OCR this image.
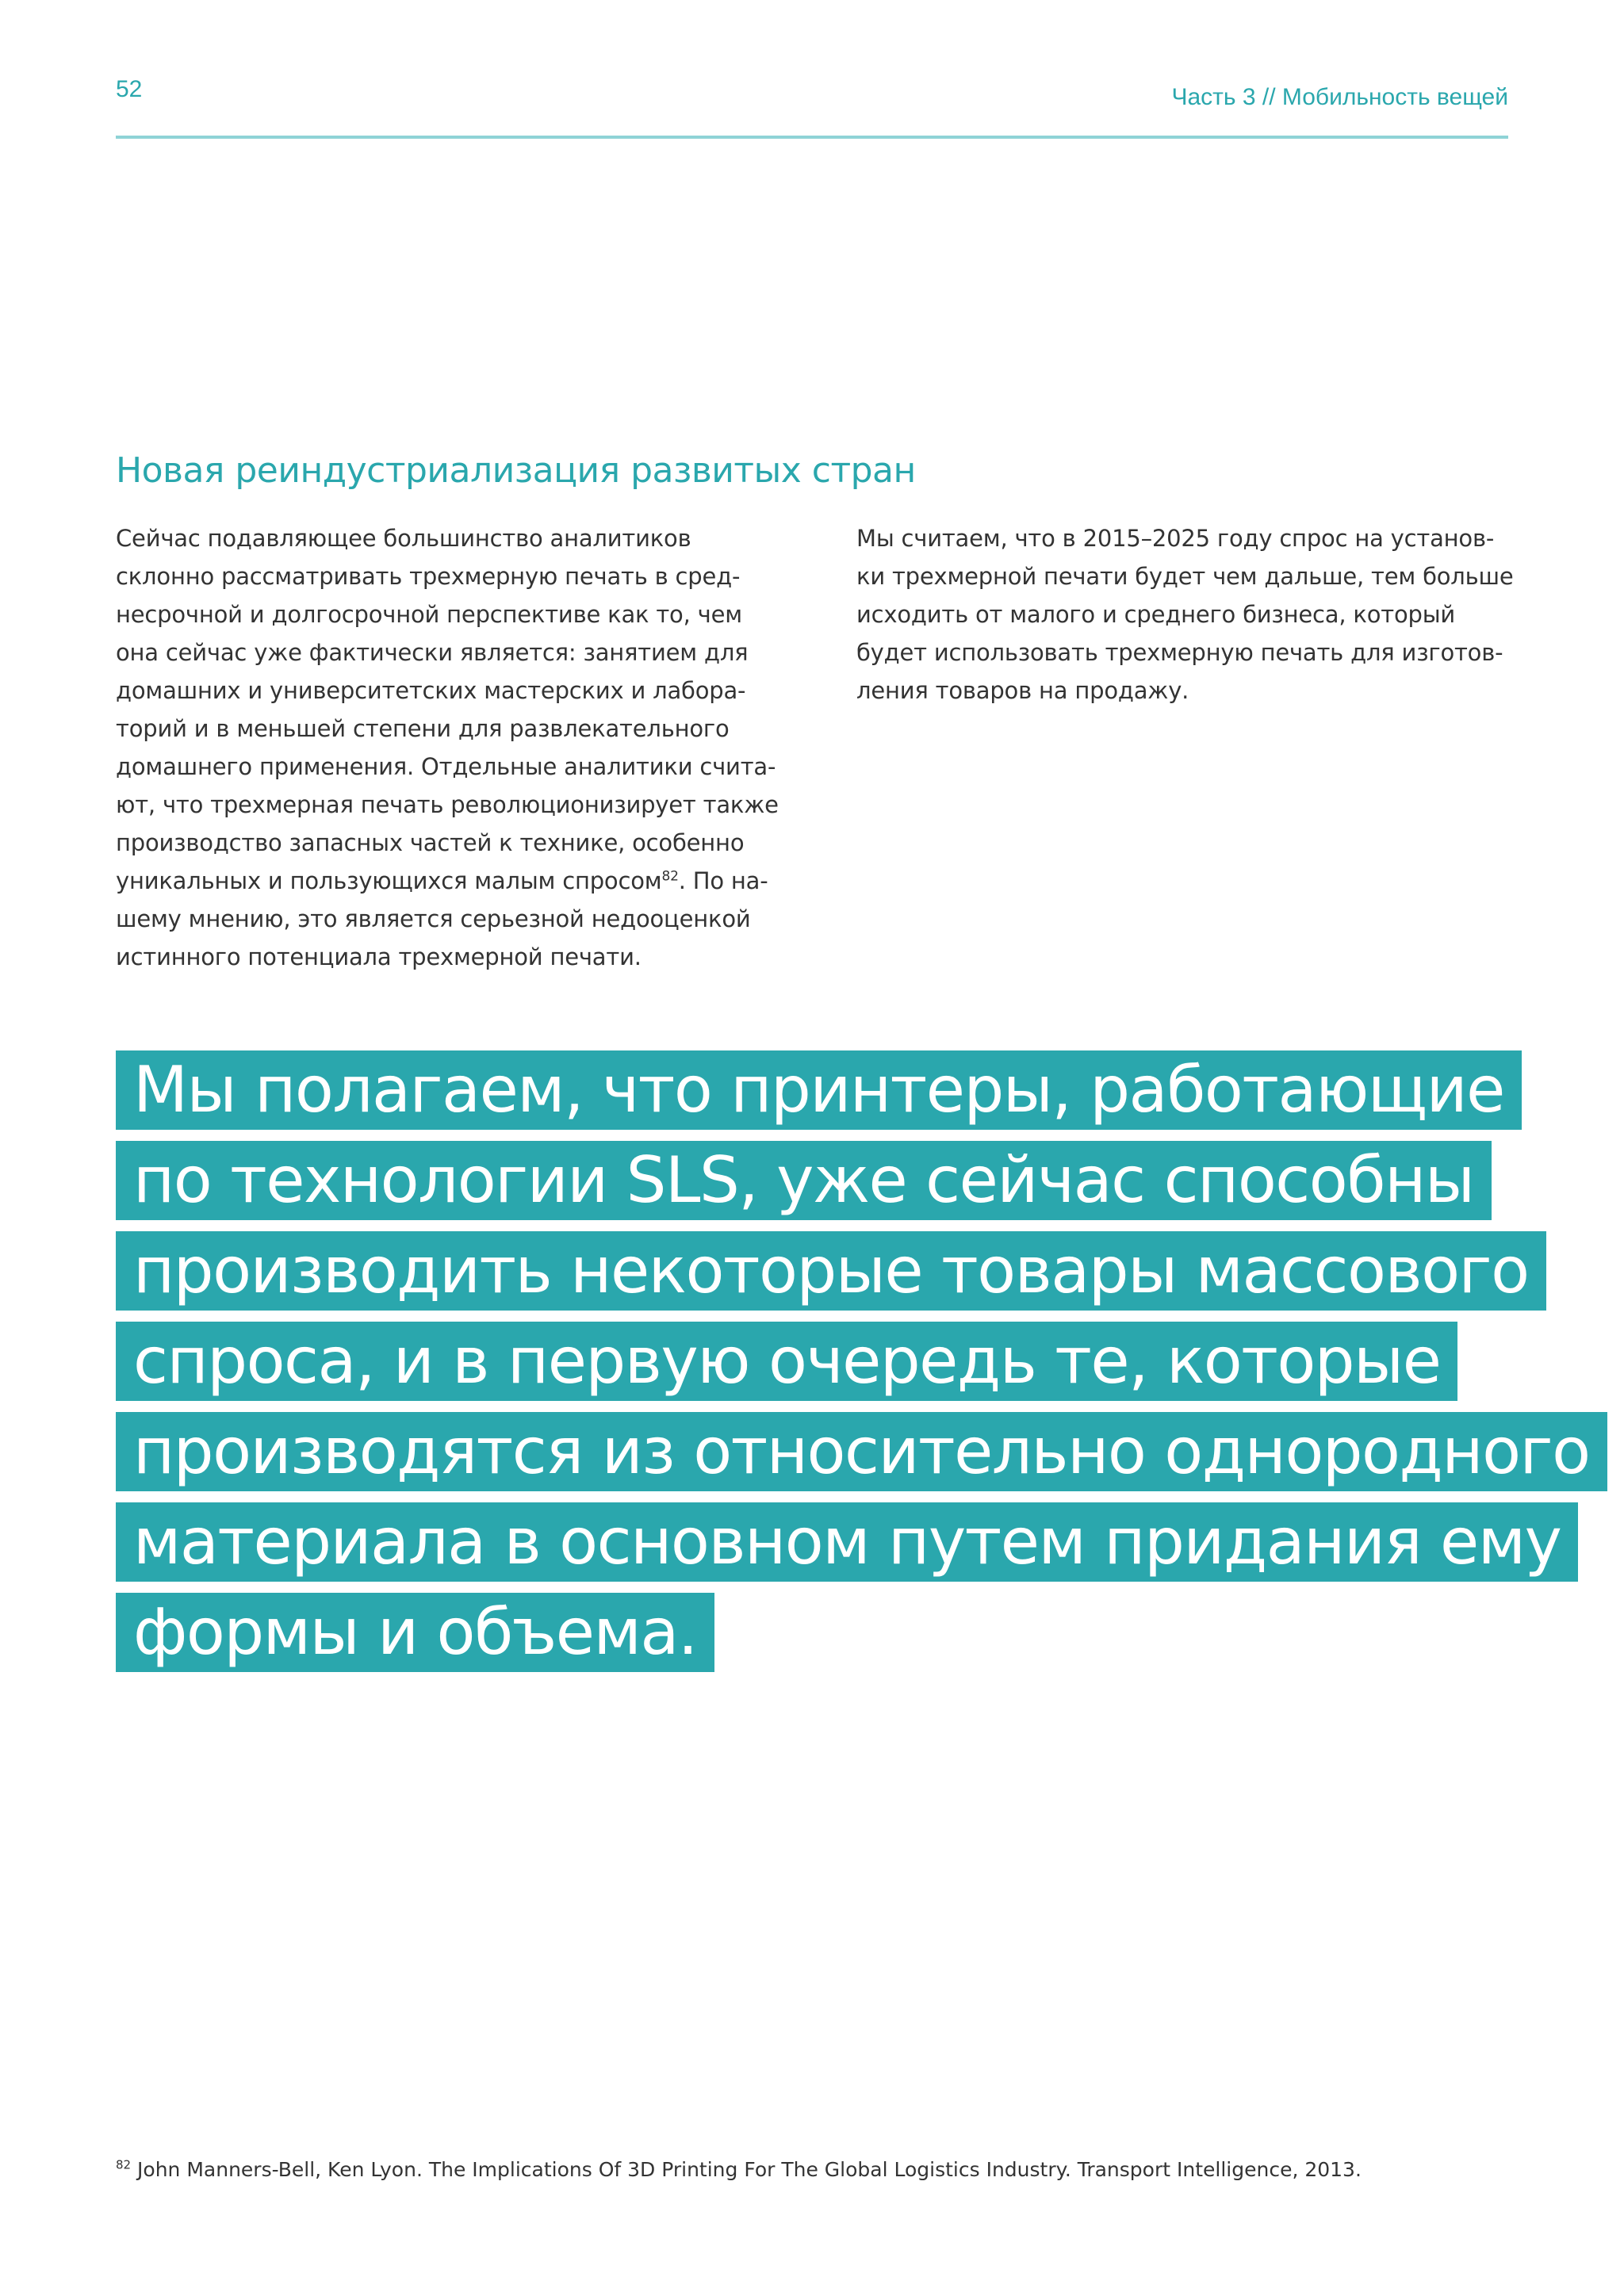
52	Часть 3 // Мобильность вещей
Новая реиндустриализация развитых стран

Сейчас подавляющее большинство аналитиков
склонно рассматривать трехмерную печать в сред-
несрочной и долгосрочной перспективе как то, чем
она сейчас уже фактически является: занятием для
домашних и университетских мастерских и лабора-
торий и в меньшей степени для развлекательного
домашнего применения. Отдельные аналитики счита-
ют, что трехмерная печать революционизирует также
производство запасных частей к технике, особенно
уникальных и пользующихся малым спросом$^{82}$. По на-
шему мнению, это является серьезной недооценкой
истинного потенциала трехмерной печати.

Мы считаем, что в 2015–2025 году спрос на установ-
ки трехмерной печати будет чем дальше, тем больше
исходить от малого и среднего бизнеса, который
будет использовать трехмерную печать для изготов-
ления товаров на продажу.

Мы полагаем, что принтеры, работающие
по технологии SLS, уже сейчас способны
производить некоторые товары массового
спроса, и в первую очередь те, которые
производятся из относительно однородного
материала в основном путем придания ему
формы и объема.
$^{82}$ John Manners-Bell, Ken Lyon. The Implications Of 3D Printing For The Global Logistics Industry. Transport Intelligence, 2013.
